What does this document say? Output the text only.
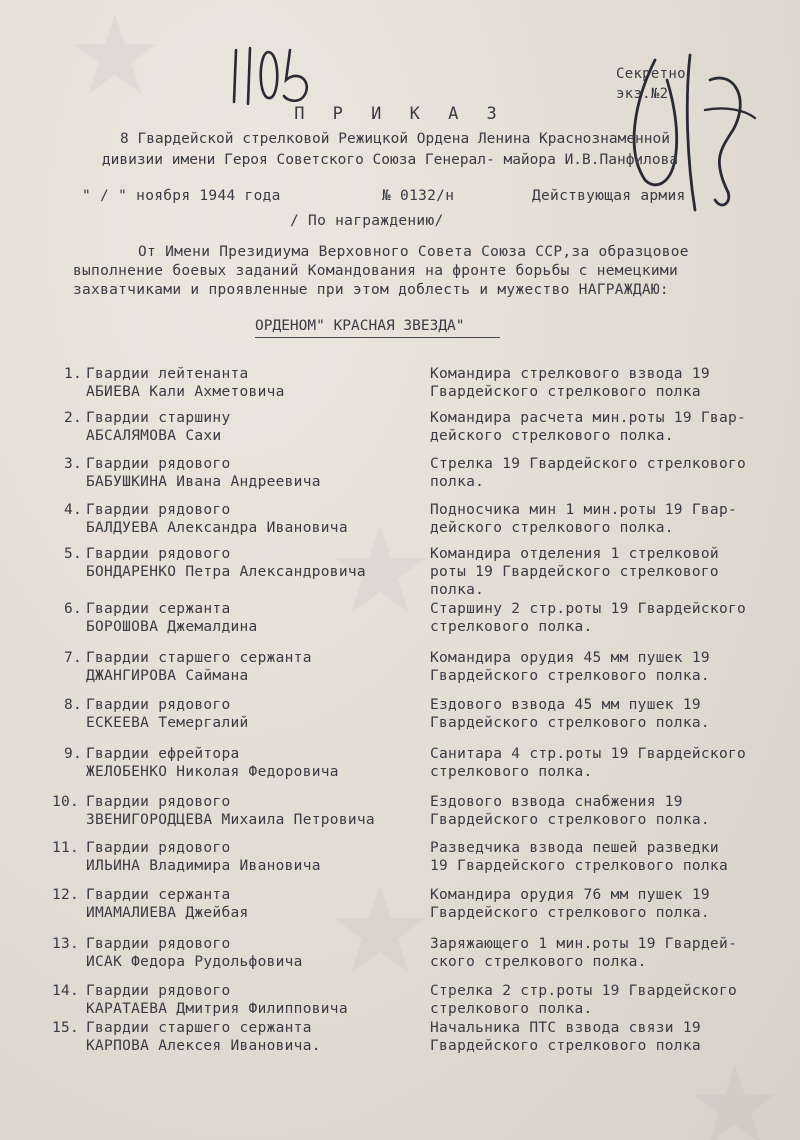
Секретно
экз.№2
П Р И К А З
8 Гвардейской стрелковой Режицкой Ордена Ленина Краснознаменной
дивизии имени Героя Советского Союза Генерал- майора И.В.Панфилова
" / " ноября 1944 года	№ 0132/н	Действующая армия
/ По награждению/
От Имени Президиума Верховного Совета Союза ССР,за образцовое
выполнение боевых заданий Командования на фронте борьбы с немецкими
захватчиками и проявленные при этом доблесть и мужество НАГРАЖДАЮ:
ОРДЕНОМ" КРАСНАЯ ЗВЕЗДА"
1. Гвардии лейтенанта
АБИЕВА Кали Ахметовича
Командира стрелкового взвода 19
Гвардейского стрелкового полка
2. Гвардии старшину
АБСАЛЯМОВА Сахи
Командира расчета мин.роты 19 Гвар-
дейского стрелкового полка.
3. Гвардии рядового
БАБУШКИНА Ивана Андреевича
Стрелка 19 Гвардейского стрелкового
полка.
4. Гвардии рядового
БАЛДУЕВА Александра Ивановича
Подносчика мин 1 мин.роты 19 Гвар-
дейского стрелкового полка.
5. Гвардии рядового
БОНДАРЕНКО Петра Александровича
Командира отделения 1 стрелковой
роты 19 Гвардейского стрелкового
полка.
6. Гвардии сержанта
БОРОШОВА Джемалдина
Старшину 2 стр.роты 19 Гвардейского
стрелкового полка.
7. Гвардии старшего сержанта
ДЖАНГИРОВА Саймана
Командира орудия 45 мм пушек 19
Гвардейского стрелкового полка.
8. Гвардии рядового
ЕСКЕЕВА Темергалий
Ездового взвода 45 мм пушек 19
Гвардейского стрелкового полка.
9. Гвардии ефрейтора
ЖЕЛОБЕНКО Николая Федоровича
Санитара 4 стр.роты 19 Гвардейского
стрелкового полка.
10. Гвардии рядового
ЗВЕНИГОРОДЦЕВА Михаила Петровича
Ездового взвода снабжения 19
Гвардейского стрелкового полка.
11. Гвардии рядового
ИЛЬИНА Владимира Ивановича
Разведчика взвода пешей разведки
19 Гвардейского стрелкового полка
12. Гвардии сержанта
ИМАМАЛИЕВА Джейбая
Командира орудия 76 мм пушек 19
Гвардейского стрелкового полка.
13. Гвардии рядового
ИСАК Федора Рудольфовича
Заряжающего 1 мин.роты 19 Гвардей-
ского стрелкового полка.
14. Гвардии рядового
КАРАТАЕВА Дмитрия Филипповича
Стрелка 2 стр.роты 19 Гвардейского
стрелкового полка.
15. Гвардии старшего сержанта
КАРПОВА Алексея Ивановича.
Начальника ПТС взвода связи 19
Гвардейского стрелкового полка
